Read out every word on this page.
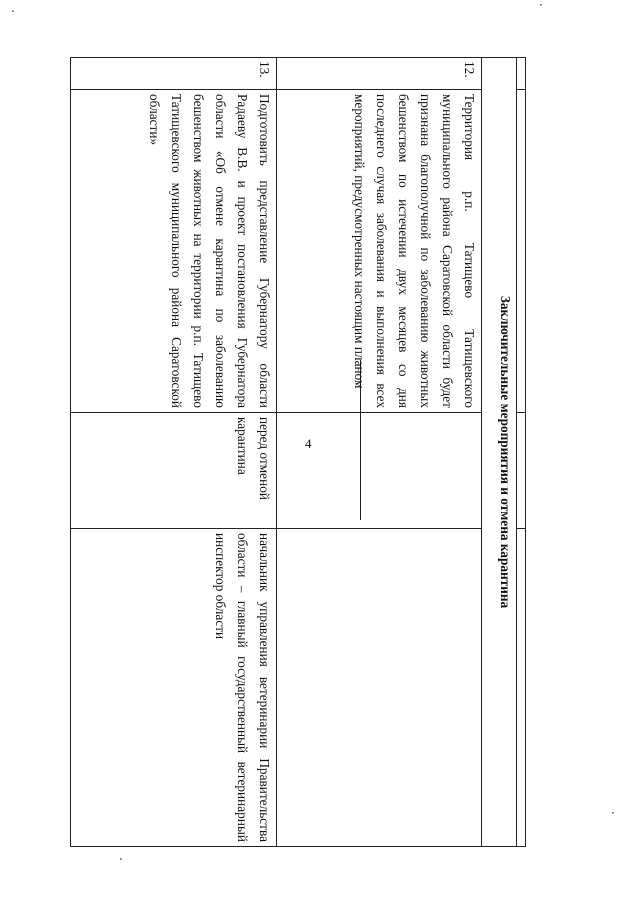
4
				Заключительные мероприятия и отмена карантина			
12.	Территория р.п. Татищево Татищевского муниципального района Саратовской области будет признана благополучной по заболеванию животных бешенством по истечении двух месяцев со дня последнего случая заболевания и выполнения всех мероприятий, предусмотренных настоящим планом		
13.	Подготовить представление Губернатору области Радаеву В.В. и проект постановления Губернатора области «Об отмене карантина по заболеванию бешенством животных на территории р.п. Татищево Татищевского муниципального района Саратовской области»	перед отменой карантина	начальник управления ветеринарии Правительства области – главный государственный ветеринарный инспектор области
